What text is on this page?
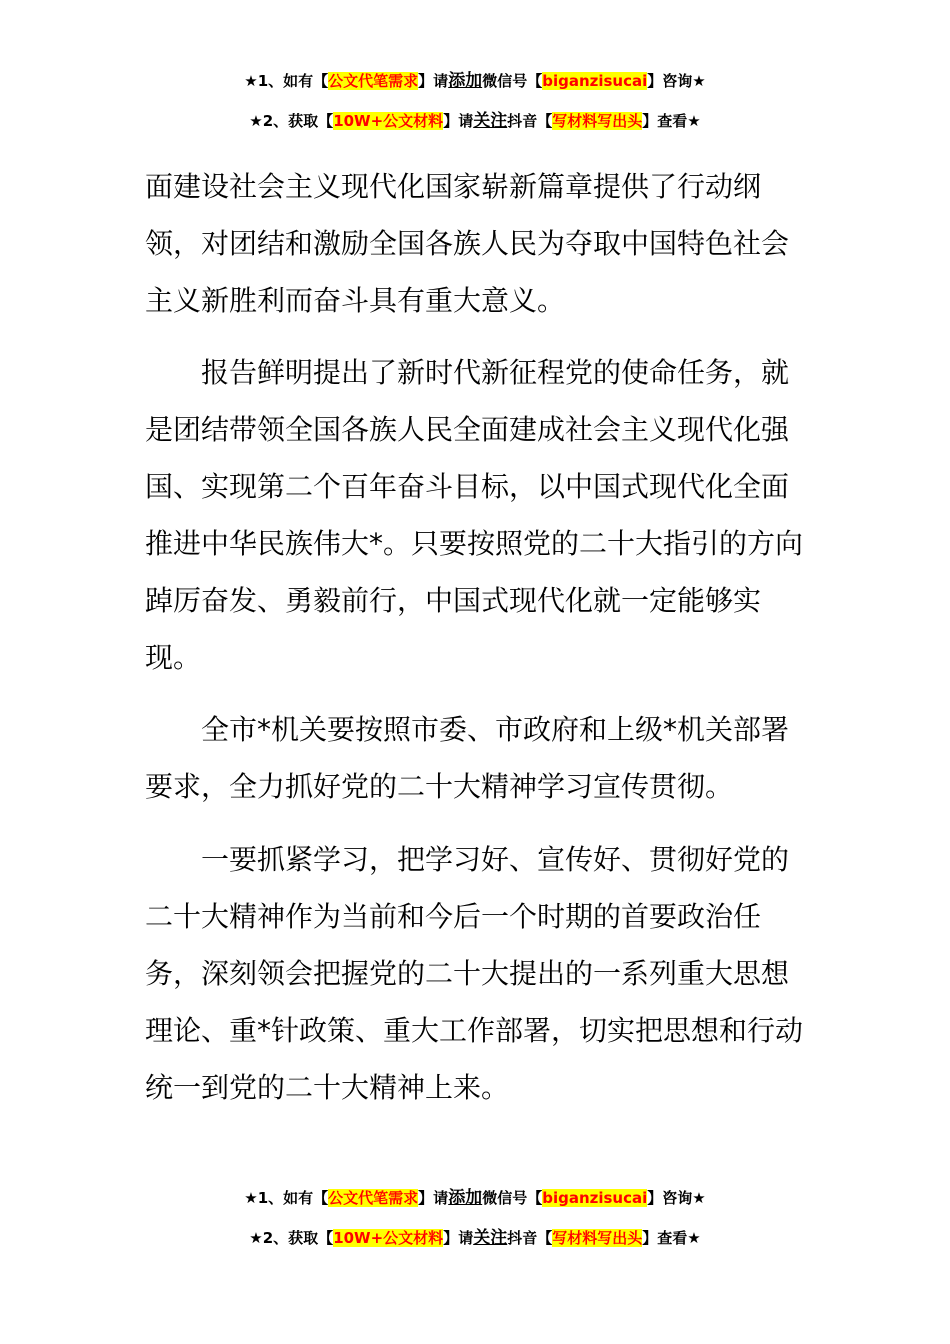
★1、如有【公文代笔需求】请添加微信号【biganzisucai】咨询★
★2、获取【10W+公文材料】请关注抖音【写材料写出头】查看★

面建设社会主义现代化国家崭新篇章提供了行动纲领，对团结和激励全国各族人民为夺取中国特色社会主义新胜利而奋斗具有重大意义。

报告鲜明提出了新时代新征程党的使命任务，就是团结带领全国各族人民全面建成社会主义现代化强国、实现第二个百年奋斗目标，以中国式现代化全面推进中华民族伟大*。只要按照党的二十大指引的方向踔厉奋发、勇毅前行，中国式现代化就一定能够实现。

全市*机关要按照市委、市政府和上级*机关部署要求，全力抓好党的二十大精神学习宣传贯彻。

一要抓紧学习，把学习好、宣传好、贯彻好党的二十大精神作为当前和今后一个时期的首要政治任务，深刻领会把握党的二十大提出的一系列重大思想理论、重*针政策、重大工作部署，切实把思想和行动统一到党的二十大精神上来。

★1、如有【公文代笔需求】请添加微信号【biganzisucai】咨询★
★2、获取【10W+公文材料】请关注抖音【写材料写出头】查看★
